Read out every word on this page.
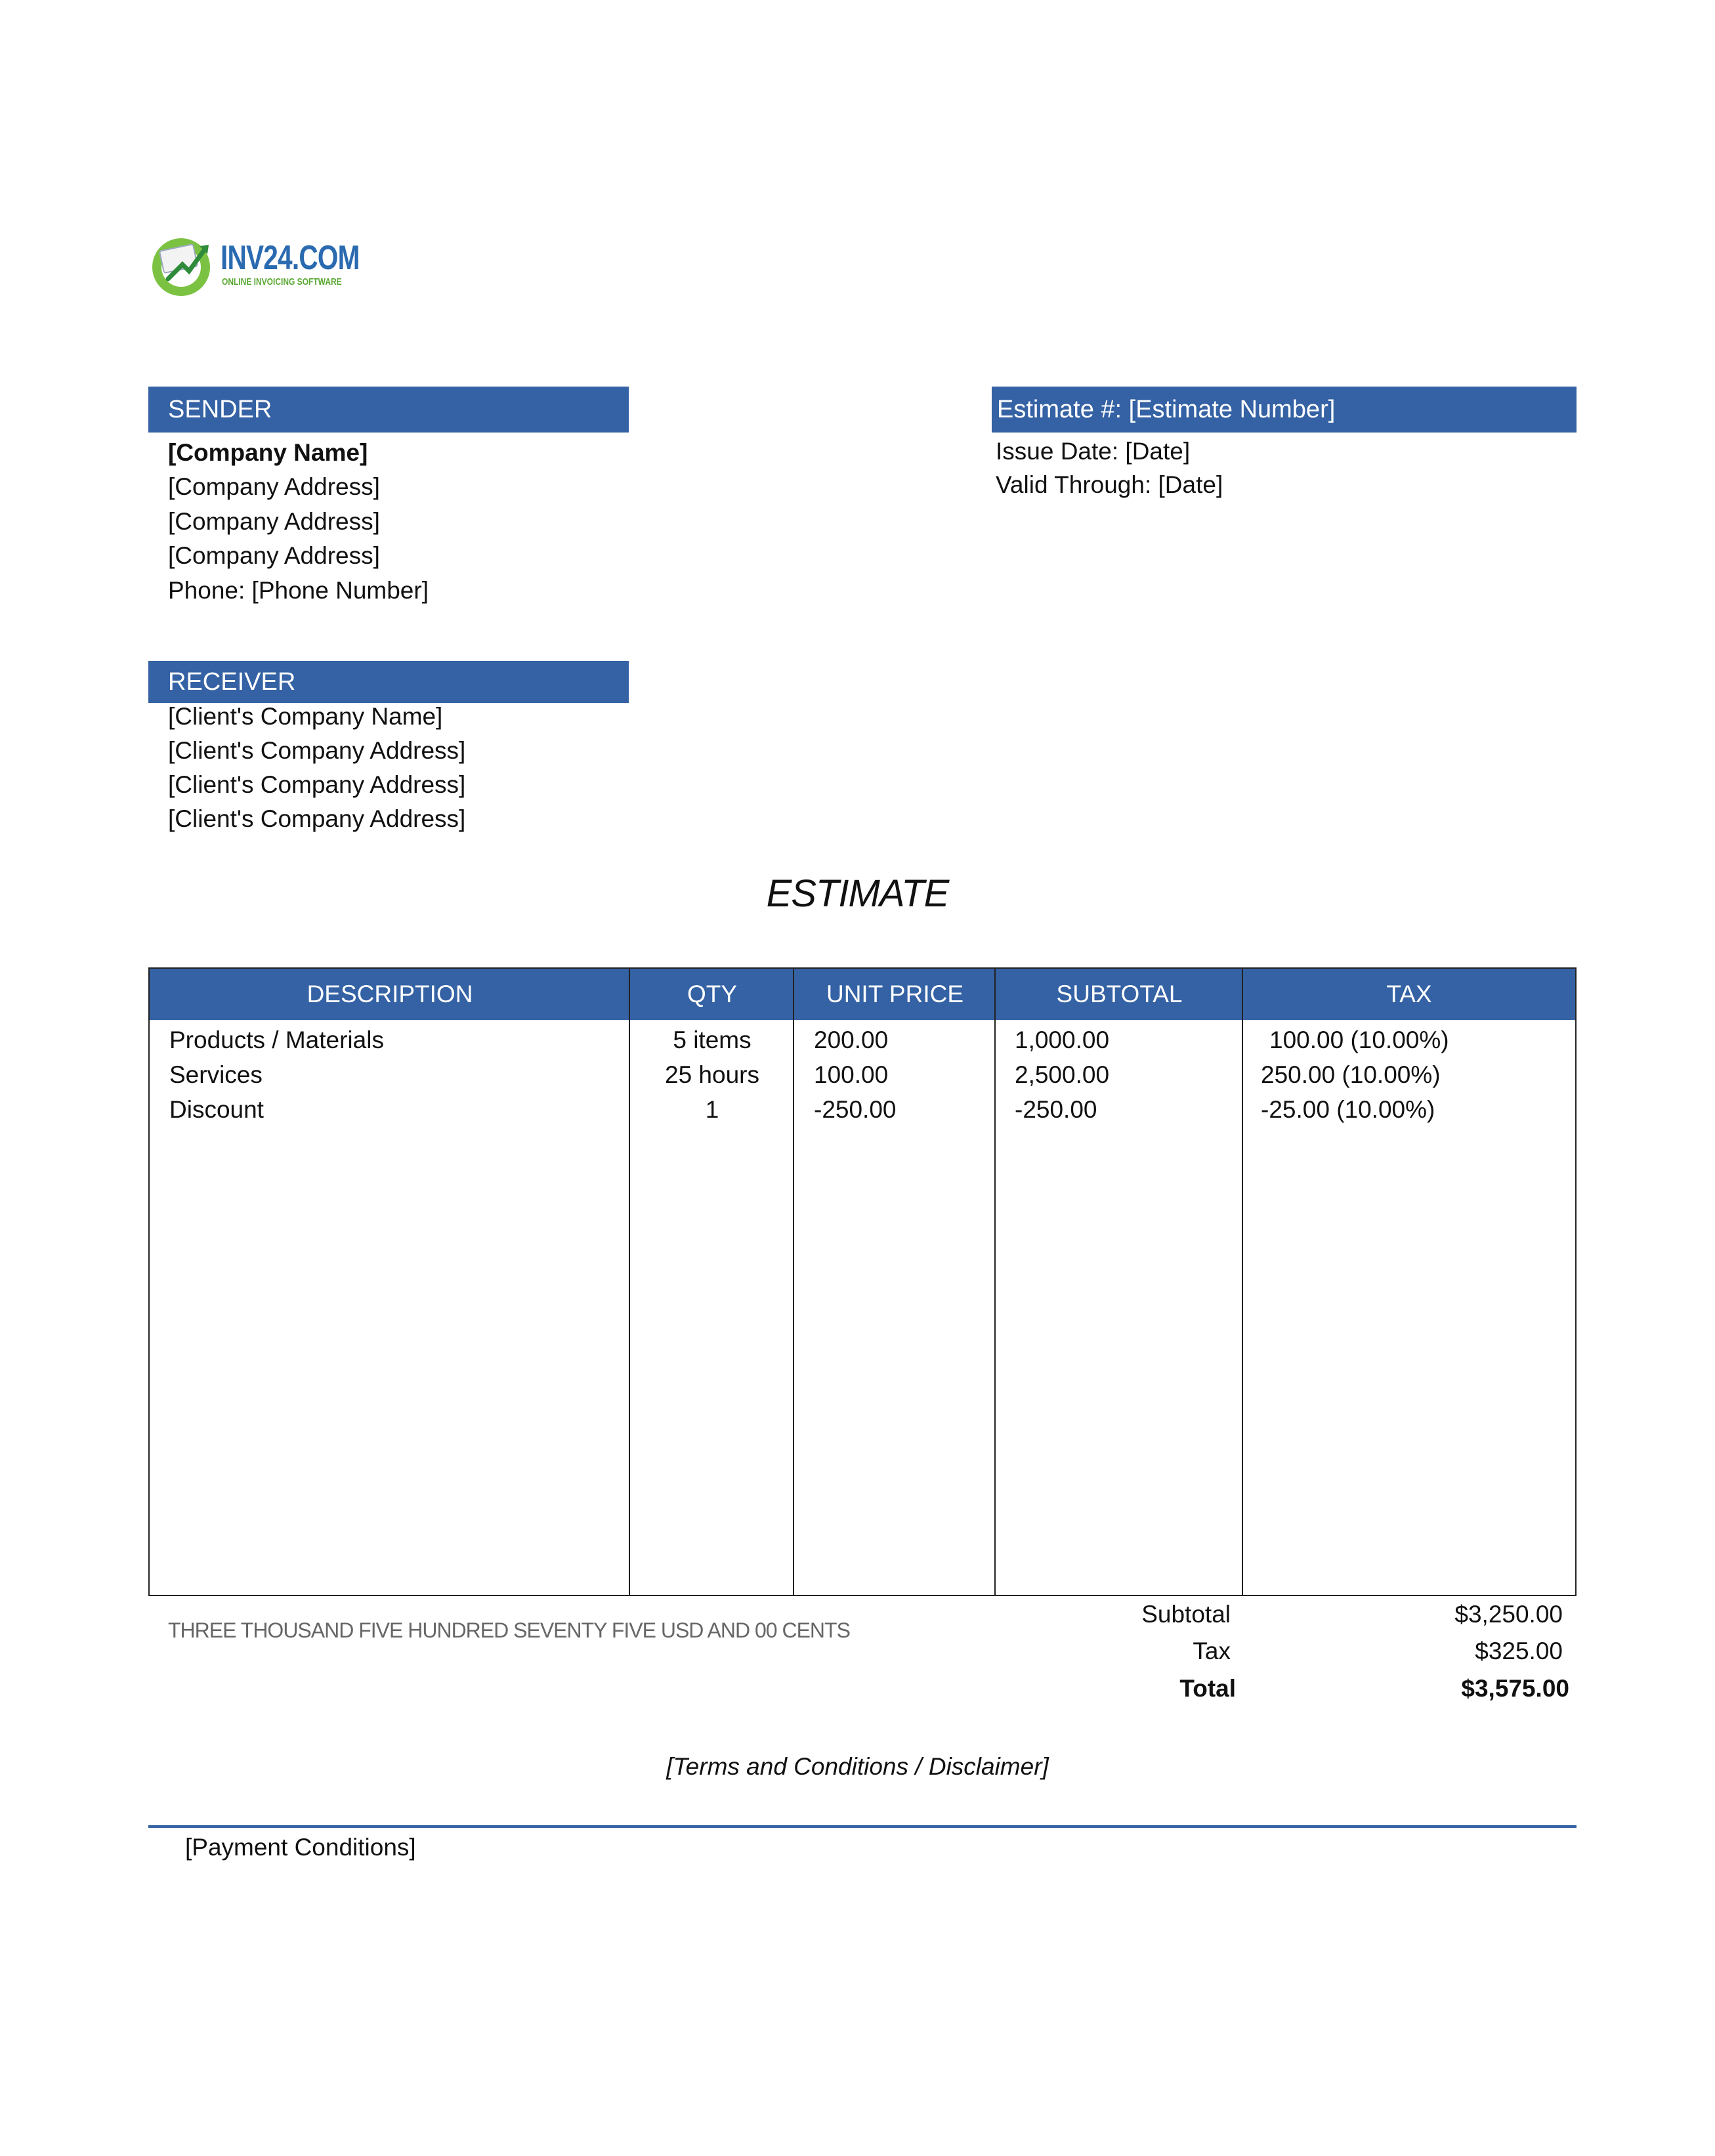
INV24.COM
ONLINE INVOICING SOFTWARE
SENDER
[Company Name]
[Company Address]
[Company Address]
[Company Address]
Phone: [Phone Number]
Estimate #: [Estimate Number]
Issue Date: [Date]
Valid Through: [Date]
RECEIVER
[Client's Company Name]
[Client's Company Address]
[Client's Company Address]
[Client's Company Address]
ESTIMATE
DESCRIPTION	QTY	UNIT PRICE	SUBTOTAL	TAX
Products / Materials	5 items	200.00	1,000.00	100.00 (10.00%)
Services	25 hours	100.00	2,500.00	250.00 (10.00%)
Discount	1	-250.00	-250.00	-25.00 (10.00%)
THREE THOUSAND FIVE HUNDRED SEVENTY FIVE USD AND 00 CENTS
Subtotal	$3,250.00
Tax	$325.00
Total	$3,575.00
[Terms and Conditions / Disclaimer]
[Payment Conditions]
